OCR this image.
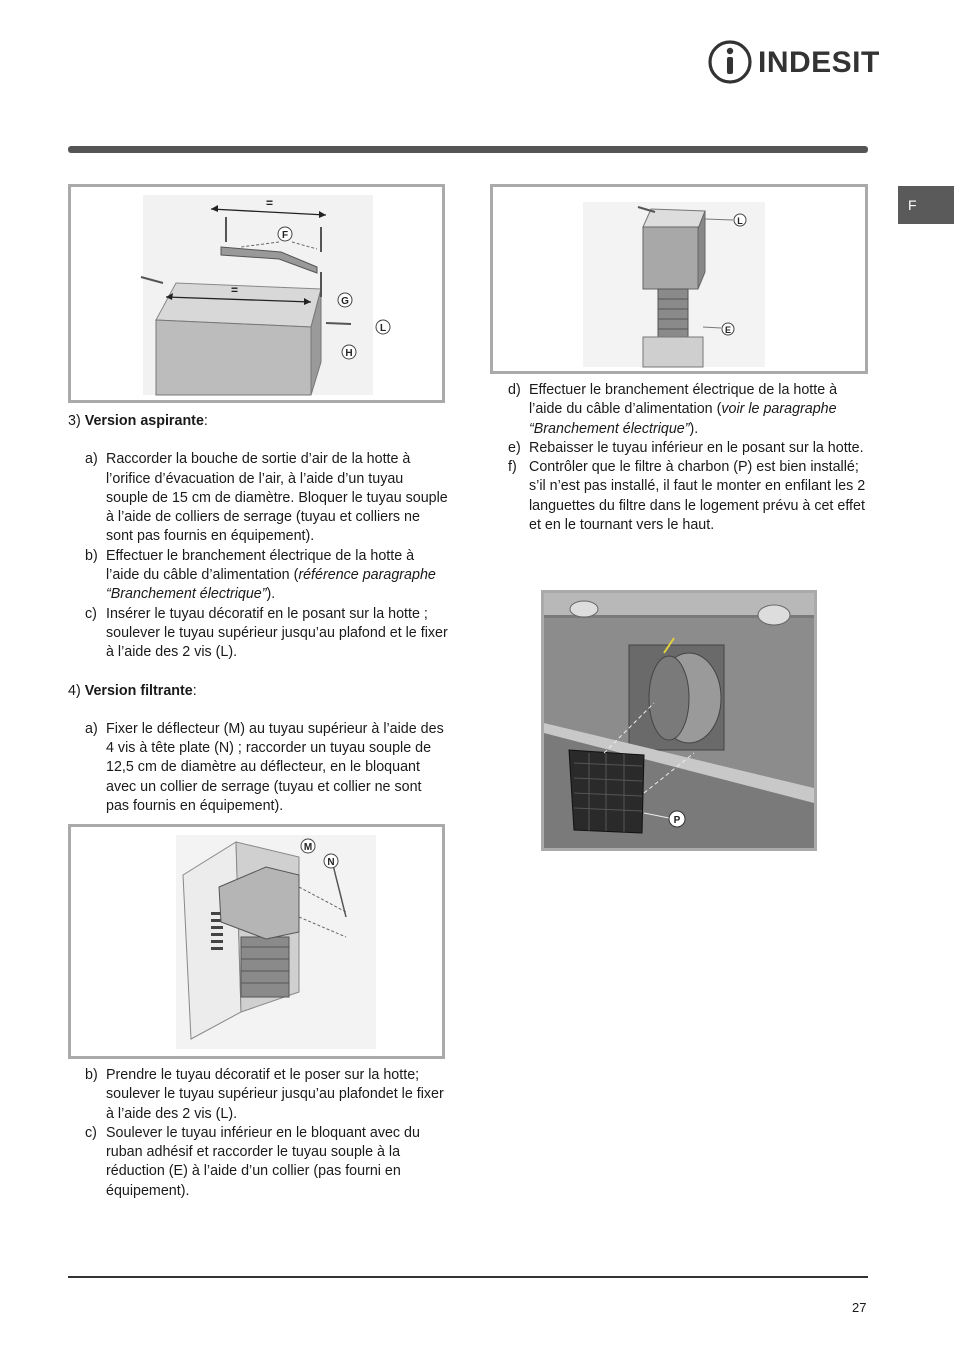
INDESIT
F
=
=
F
G
L
H

3) Version aspirante:

a) Raccorder la bouche de sortie d’air de la hotte à l’orifice d’évacuation de l’air, à l’aide d’un tuyau souple de 15 cm de diamètre. Bloquer le tuyau souple à l’aide de colliers de serrage (tuyau et colliers ne sont pas fournis en équipement).

b) Effectuer le branchement électrique de la hotte à l’aide du câble d’alimentation (référence paragraphe “Branchement électrique”).

c) Insérer le tuyau décoratif en le posant sur la hotte ; soulever le tuyau supérieur jusqu’au plafond et le fixer à l’aide des 2 vis (L).

4) Version filtrante:

a) Fixer le déflecteur (M) au tuyau supérieur à l’aide des 4 vis à tête plate (N) ; raccorder un tuyau souple de 12,5 cm de diamètre au déflecteur, en le bloquant avec un collier de serrage (tuyau et collier ne sont pas fournis en équipement).

M
N

b) Prendre le tuyau décoratif et le poser sur la hotte; soulever le tuyau supérieur jusqu’au plafondet le fixer à l’aide des 2 vis (L).

c) Soulever le tuyau inférieur en le bloquant avec du ruban adhésif et raccorder le tuyau souple à la réduction (E) à l’aide d’un collier (pas fourni en équipement).

L
E

d) Effectuer le branchement électrique de la hotte à l’aide du câble d’alimentation (voir le paragraphe “Branchement électrique”).

e) Rebaisser le tuyau inférieur en le posant sur la hotte.

f) Contrôler que le filtre à charbon (P) est bien installé; s’il n’est pas installé, il faut le monter en enfilant les 2 languettes du filtre dans le logement prévu à cet effet et en le tournant vers le haut.

P
27
